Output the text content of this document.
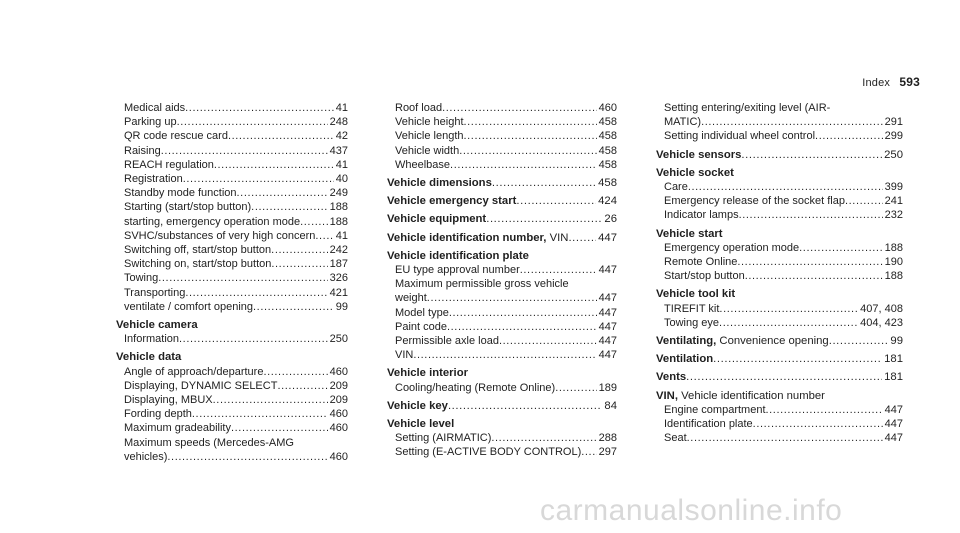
Index 593
Medical aids .....	41
Parking up .....	248
QR code rescue card .....	42
Raising .....	437
REACH regulation .....	41
Registration .....	40
Standby mode function .....	249
Starting (start/stop button) .....	188
starting, emergency operation mode .....	188
SVHC/substances of very high concern ..... 41
Switching off, start/stop button .....	242
Switching on, start/stop button .....	187
Towing .....	326
Transporting .....	421
ventilate / comfort opening .....	99
Vehicle camera
Information .....	250
Vehicle data
Angle of approach/departure .....	460
Displaying, DYNAMIC SELECT .....	209
Displaying, MBUX .....	209
Fording depth .....	460
Maximum gradeability .....	460
Maximum speeds (Mercedes-AMG
vehicles) .....	460
Roof load .....	460
Vehicle height .....	458
Vehicle length .....	458
Vehicle width .....	458
Wheelbase .....	458
Vehicle dimensions .....	458
Vehicle emergency start .....	424
Vehicle equipment .....	26
Vehicle identification number, VIN .....	447
Vehicle identification plate
EU type approval number .....	447
Maximum permissible gross vehicle
weight .....	447
Model type .....	447
Paint code .....	447
Permissible axle load .....	447
VIN .....	447
Vehicle interior
Cooling/heating (Remote Online) .....	189
Vehicle key .....	84
Vehicle level
Setting (AIRMATIC) .....	288
Setting (E-ACTIVE BODY CONTROL) ..... 297
Setting entering/exiting level (AIR-
MATIC) .....	291
Setting individual wheel control .....	299
Vehicle sensors .....	250
Vehicle socket
Care .....	399
Emergency release of the socket flap .....	241
Indicator lamps .....	232
Vehicle start
Emergency operation mode .....	188
Remote Online .....	190
Start/stop button .....	188
Vehicle tool kit
TIREFIT kit .....	407, 408
Towing eye .....	404, 423
Ventilating, Convenience opening .....	99
Ventilation .....	181
Vents .....	181
VIN, Vehicle identification number
Engine compartment .....	447
Identification plate .....	447
Seat .....	447
carmanualsonline.info
